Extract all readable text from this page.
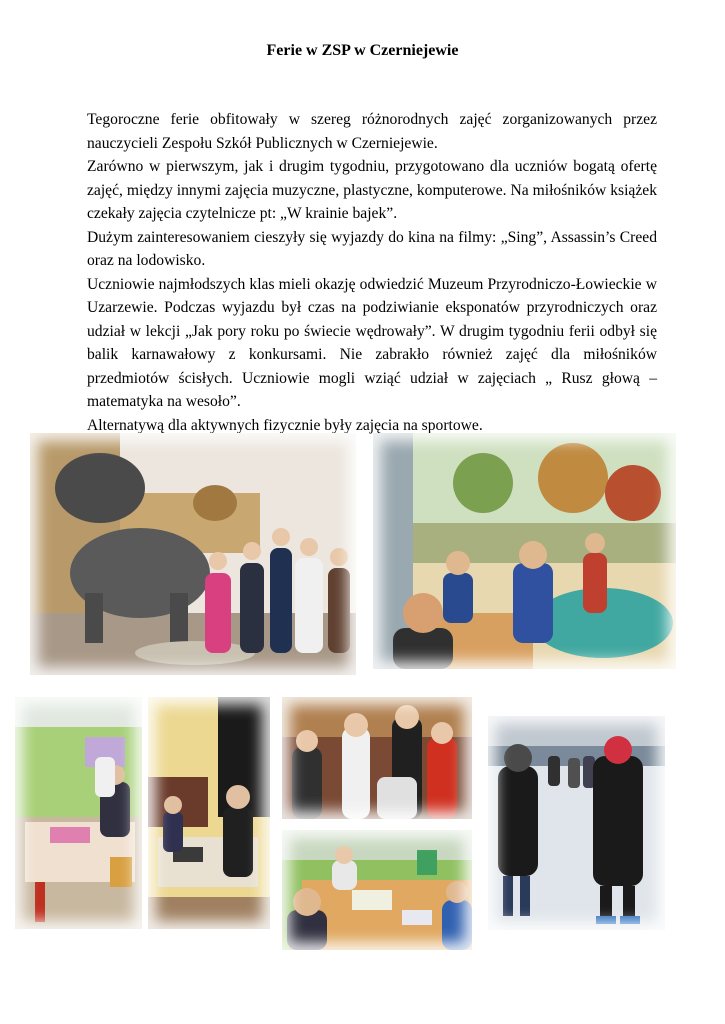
Ferie w ZSP w Czerniejewie

Tegoroczne ferie obfitowały w szereg różnorodnych zajęć zorganizowanych przez nauczycieli Zespołu Szkół Publicznych w Czerniejewie.

Zarówno w pierwszym, jak i drugim tygodniu, przygotowano dla uczniów bogatą ofertę zajęć, między innymi zajęcia muzyczne, plastyczne, komputerowe. Na miłośników książek czekały zajęcia czytelnicze pt: „W krainie bajek”.

Dużym zainteresowaniem cieszyły się wyjazdy do kina na filmy: „Sing”, Assassin’s Creed oraz na lodowisko.

Uczniowie najmłodszych klas mieli okazję odwiedzić Muzeum Przyrodniczo-Łowieckie w Uzarzewie. Podczas wyjazdu był czas na podziwianie eksponatów przyrodniczych oraz udział w lekcji „Jak pory roku po świecie wędrowały”. W drugim tygodniu ferii odbył się balik karnawałowy z konkursami. Nie zabrakło również zajęć dla miłośników przedmiotów ścisłych. Uczniowie mogli wziąć udział w zajęciach „ Rusz głową – matematyka na wesoło”.

Alternatywą dla aktywnych fizycznie były zajęcia na sportowe.
